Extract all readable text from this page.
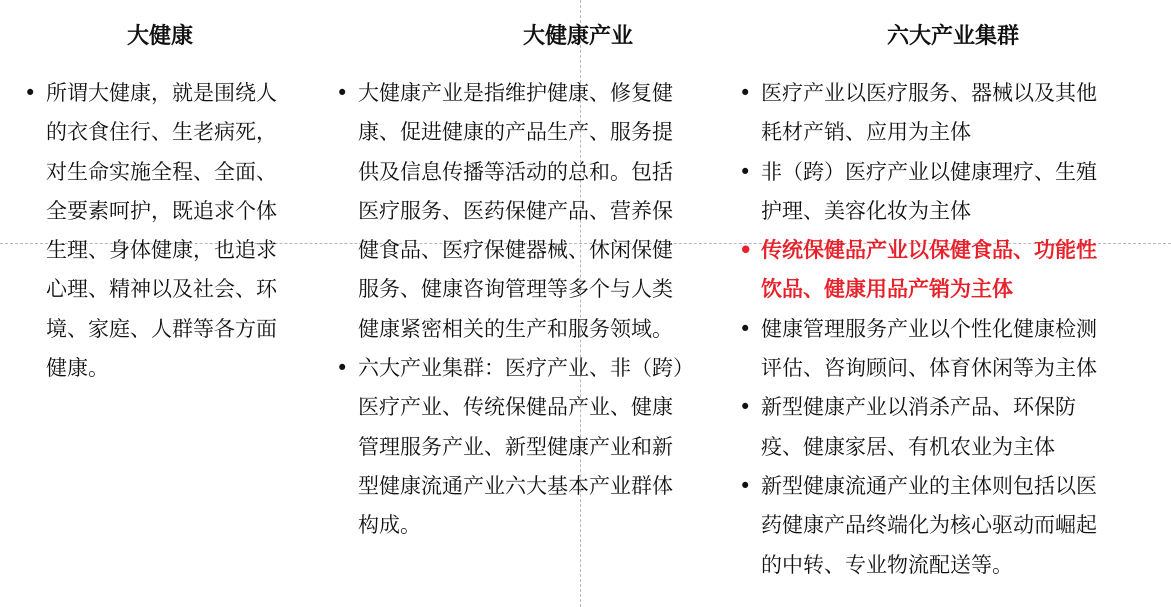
大健康
• 所谓大健康，就是围绕人的衣食住行、生老病死，对生命实施全程、全面、全要素呵护，既追求个体生理、身体健康，也追求心理、精神以及社会、环境、家庭、人群等各方面健康。
大健康产业
• 大健康产业是指维护健康、修复健康、促进健康的产品生产、服务提供及信息传播等活动的总和。包括医疗服务、医药保健产品、营养保健食品、医疗保健器械、休闲保健服务、健康咨询管理等多个与人类健康紧密相关的生产和服务领域。
• 六大产业集群：医疗产业、非（跨）医疗产业、传统保健品产业、健康管理服务产业、新型健康产业和新型健康流通产业六大基本产业群体构成。
六大产业集群
• 医疗产业以医疗服务、器械以及其他耗材产销、应用为主体
• 非（跨）医疗产业以健康理疗、生殖护理、美容化妆为主体
• 传统保健品产业以保健食品、功能性饮品、健康用品产销为主体
• 健康管理服务产业以个性化健康检测评估、咨询顾问、体育休闲等为主体
• 新型健康产业以消杀产品、环保防疫、健康家居、有机农业为主体
• 新型健康流通产业的主体则包括以医药健康产品终端化为核心驱动而崛起的中转、专业物流配送等。
